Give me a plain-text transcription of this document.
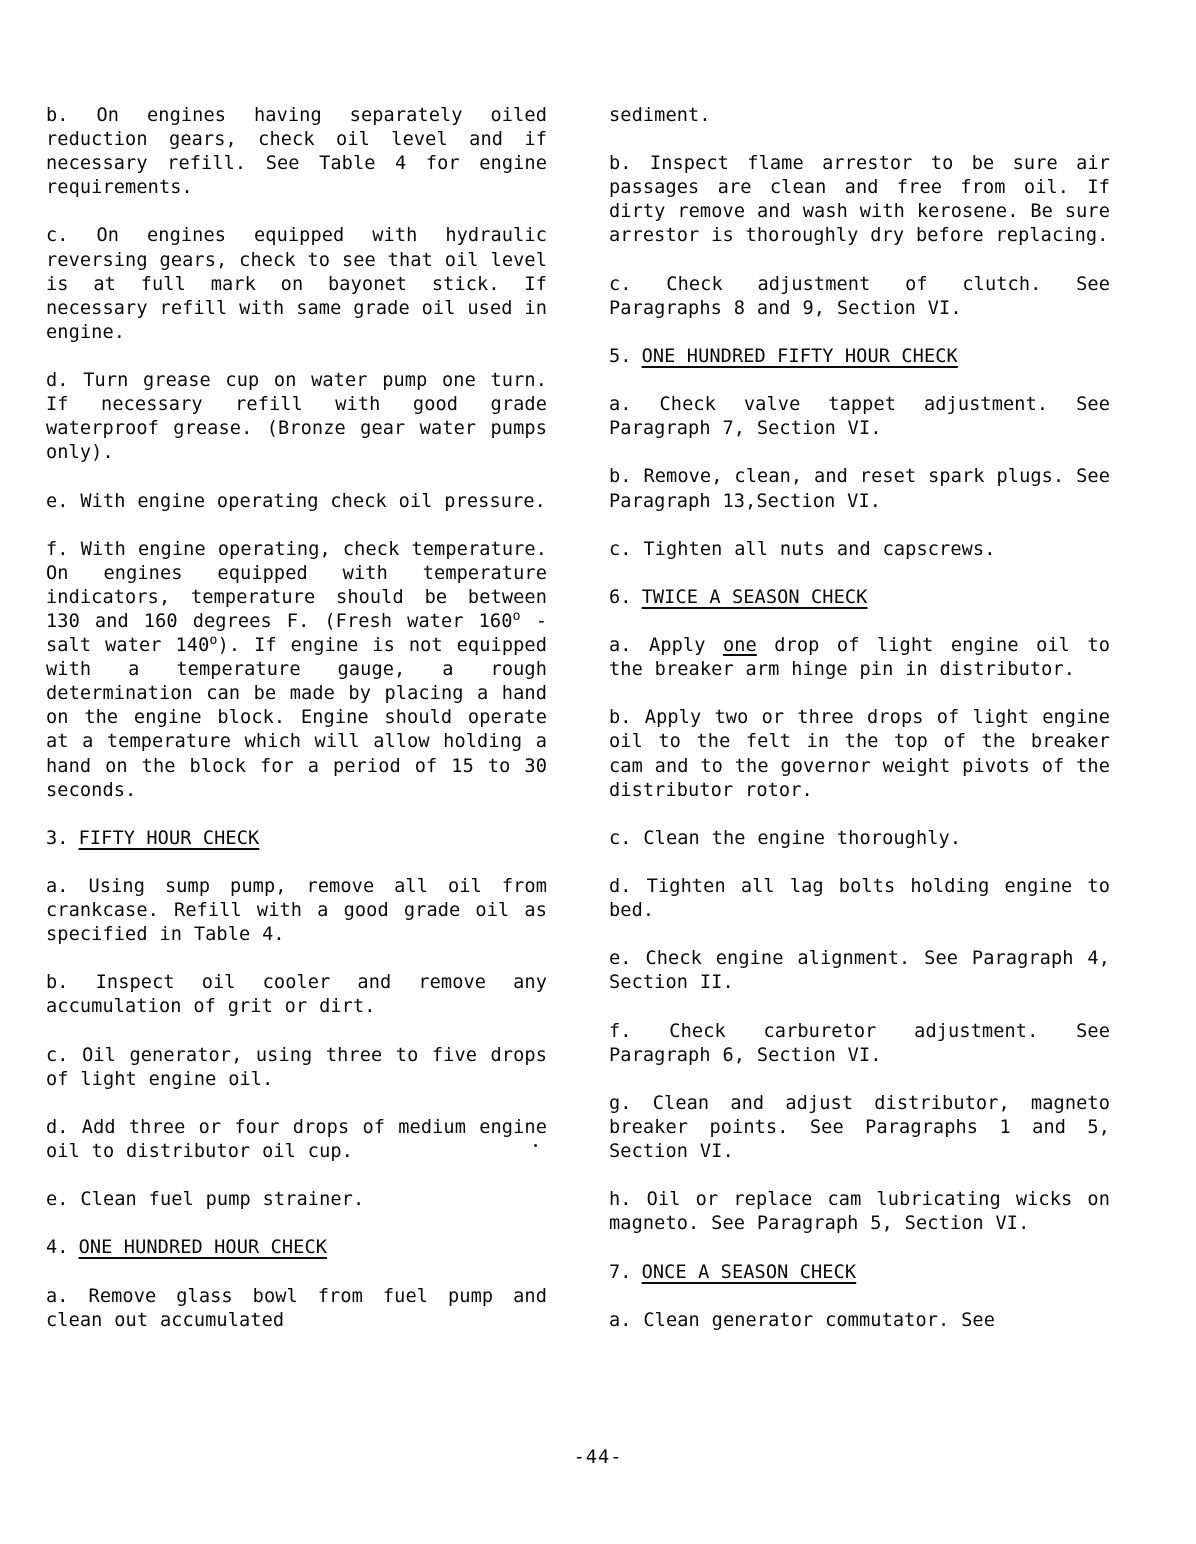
b. On engines having separately oiled reduction gears, check oil level and if necessary refill. See Table 4 for engine requirements.

c. On engines equipped with hydraulic reversing gears, check to see that oil level is at full mark on bayonet stick. If necessary refill with same grade oil used in engine.

d. Turn grease cup on water pump one turn. If necessary refill with good grade waterproof grease. (Bronze gear water pumps only).

e. With engine operating check oil pressure.

f. With engine operating, check temperature. On engines equipped with temperature indicators, temperature should be between 130 and 160 degrees F. (Fresh water 160$^o$ - salt water 140$^o$). If engine is not equipped with a temperature gauge, a rough determination can be made by placing a hand on the engine block. Engine should operate at a temperature which will allow holding a hand on the block for a period of 15 to 30 seconds.

3. FIFTY HOUR CHECK

a. Using sump pump, remove all oil from crankcase. Refill with a good grade oil as specified in Table 4.

b. Inspect oil cooler and remove any accumulation of grit or dirt.

c. Oil generator, using three to five drops of light engine oil.

d. Add three or four drops of medium engine oil to distributor oil cup.

e. Clean fuel pump strainer.

4. ONE HUNDRED HOUR CHECK

a. Remove glass bowl from fuel pump and clean out accumulated

sediment.

b. Inspect flame arrestor to be sure air passages are clean and free from oil. If dirty remove and wash with kerosene. Be sure arrestor is thoroughly dry before replacing.

c. Check adjustment of clutch. See Paragraphs 8 and 9, Section VI.

5. ONE HUNDRED FIFTY HOUR CHECK

a. Check valve tappet adjustment. See Paragraph 7, Section VI.

b. Remove, clean, and reset spark plugs. See Paragraph 13,Section VI.

c. Tighten all nuts and capscrews.

6. TWICE A SEASON CHECK

a. Apply one drop of light engine oil to the breaker arm hinge pin in distributor.

b. Apply two or three drops of light engine oil to the felt in the top of the breaker cam and to the governor weight pivots of the distributor rotor.

c. Clean the engine thoroughly.

d. Tighten all lag bolts holding engine to bed.

e. Check engine alignment. See Paragraph 4, Section II.

f. Check carburetor adjustment. See Paragraph 6, Section VI.

g. Clean and adjust distributor, magneto breaker points. See Paragraphs 1 and 5, Section VI.

h. Oil or replace cam lubricating wicks on magneto. See Paragraph 5, Section VI.

7. ONCE A SEASON CHECK

a. Clean generator commutator. See

-44-
